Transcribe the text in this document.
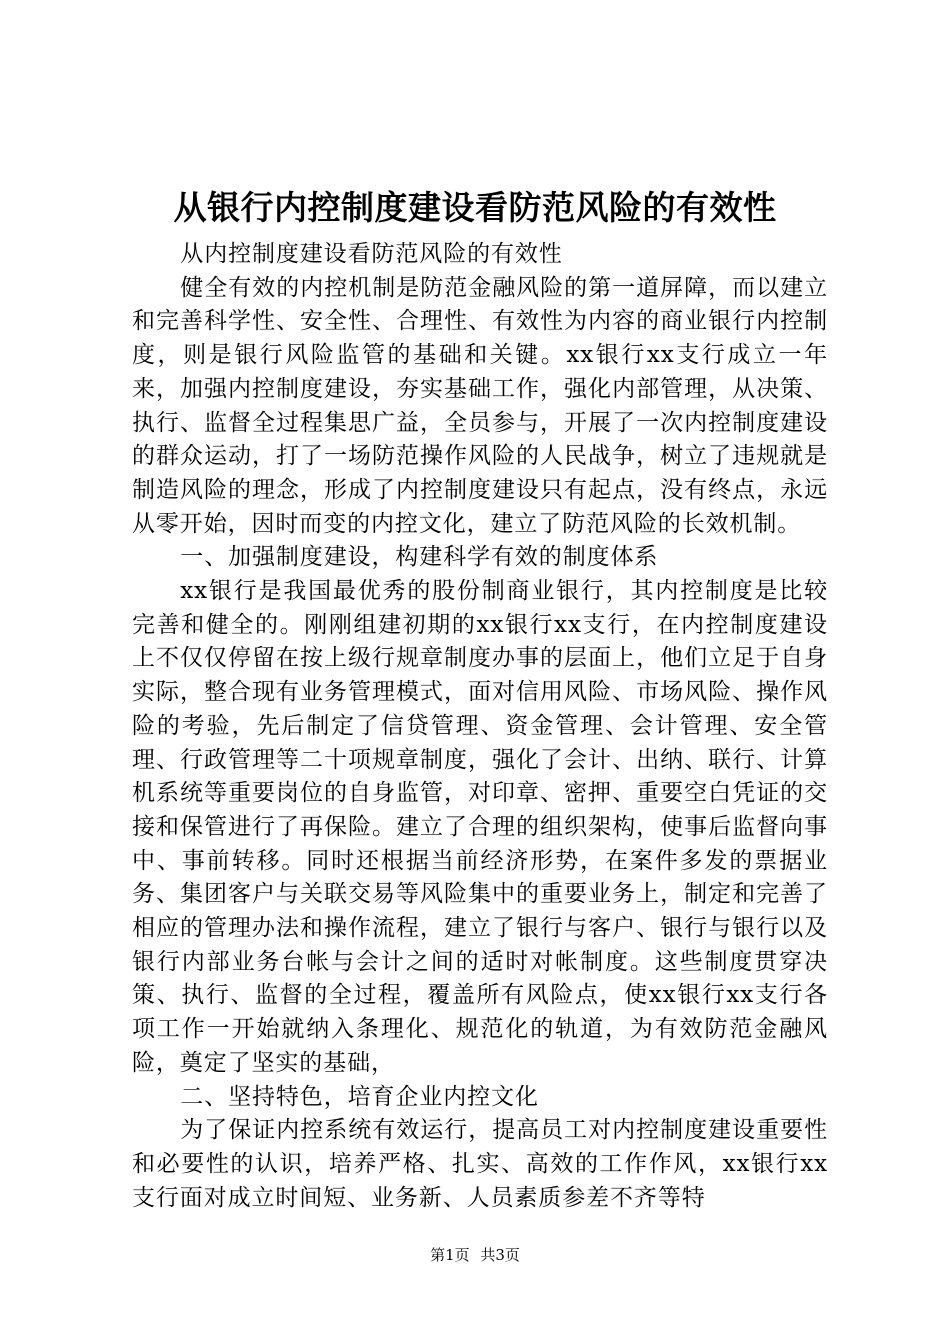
从银行内控制度建设看防范风险的有效性

从内控制度建设看防范风险的有效性

健全有效的内控机制是防范金融风险的第一道屏障，而以建立和完善科学性、安全性、合理性、有效性为内容的商业银行内控制度，则是银行风险监管的基础和关键。xx银行xx支行成立一年来，加强内控制度建设，夯实基础工作，强化内部管理，从决策、执行、监督全过程集思广益，全员参与，开展了一次内控制度建设的群众运动，打了一场防范操作风险的人民战争，树立了违规就是制造风险的理念，形成了内控制度建设只有起点，没有终点，永远从零开始，因时而变的内控文化，建立了防范风险的长效机制。

一、加强制度建设，构建科学有效的制度体系

xx银行是我国最优秀的股份制商业银行，其内控制度是比较完善和健全的。刚刚组建初期的xx银行xx支行，在内控制度建设上不仅仅停留在按上级行规章制度办事的层面上，他们立足于自身实际，整合现有业务管理模式，面对信用风险、市场风险、操作风险的考验，先后制定了信贷管理、资金管理、会计管理、安全管理、行政管理等二十项规章制度，强化了会计、出纳、联行、计算机系统等重要岗位的自身监管，对印章、密押、重要空白凭证的交接和保管进行了再保险。建立了合理的组织架构，使事后监督向事中、事前转移。同时还根据当前经济形势，在案件多发的票据业务、集团客户与关联交易等风险集中的重要业务上，制定和完善了相应的管理办法和操作流程，建立了银行与客户、银行与银行以及银行内部业务台帐与会计之间的适时对帐制度。这些制度贯穿决策、执行、监督的全过程，覆盖所有风险点，使xx银行xx支行各项工作一开始就纳入条理化、规范化的轨道，为有效防范金融风险，奠定了坚实的基础，

二、坚持特色，培育企业内控文化

为了保证内控系统有效运行，提高员工对内控制度建设重要性和必要性的认识，培养严格、扎实、高效的工作作风，xx银行xx支行面对成立时间短、业务新、人员素质参差不齐等特

第1页 共3页
